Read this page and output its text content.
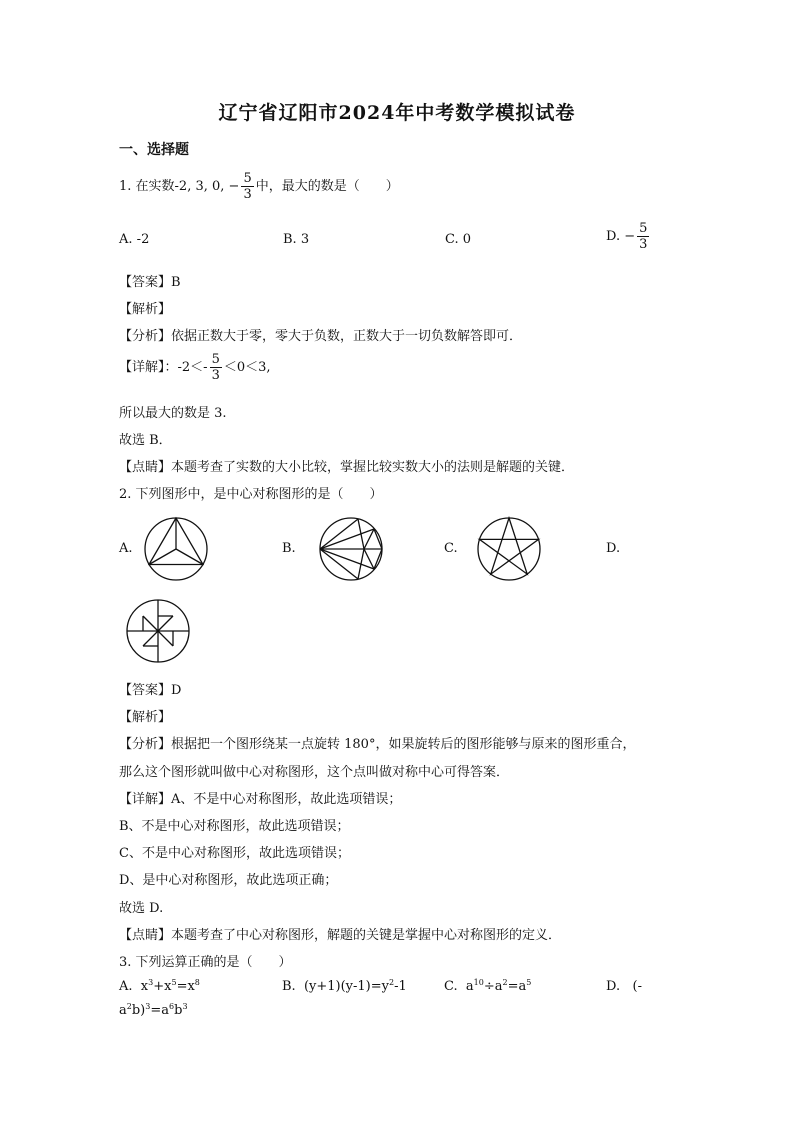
辽宁省辽阳市2024年中考数学模拟试卷
一、选择题
1. 在实数-2, 3, 0, − $\frac{5}{3}$ 中，最大的数是（　　）
A. -2	B. 3	C. 0	D. − $\frac{5}{3}$
【答案】B
【解析】
【分析】依据正数大于零，零大于负数，正数大于一切负数解答即可．
【详解】：$-2<- \frac{5}{3} <0<3$,
所以最大的数是 3.
故选 B．
【点睛】本题考查了实数的大小比较，掌握比较实数大小的法则是解题的关键．
2. 下列图形中，是中心对称图形的是（　　）
A.	B.	C.	D.
【答案】D
【解析】
【分析】根据把一个图形绕某一点旋转 180°，如果旋转后的图形能够与原来的图形重合，
那么这个图形就叫做中心对称图形，这个点叫做对称中心可得答案．
【详解】A、不是中心对称图形，故此选项错误；
B、不是中心对称图形，故此选项错误；
C、不是中心对称图形，故此选项错误；
D、是中心对称图形，故此选项正确；
故选 D.
【点睛】本题考查了中心对称图形，解题的关键是掌握中心对称图形的定义．
3. 下列运算正确的是（　　）
A. $x^3+x^5=x^8$	B. $(y+1)(y-1)=y^2-1$	C. $a^{10}\div a^2=a^5$	D. (-
$a^2b)^3=a^6b^3$
